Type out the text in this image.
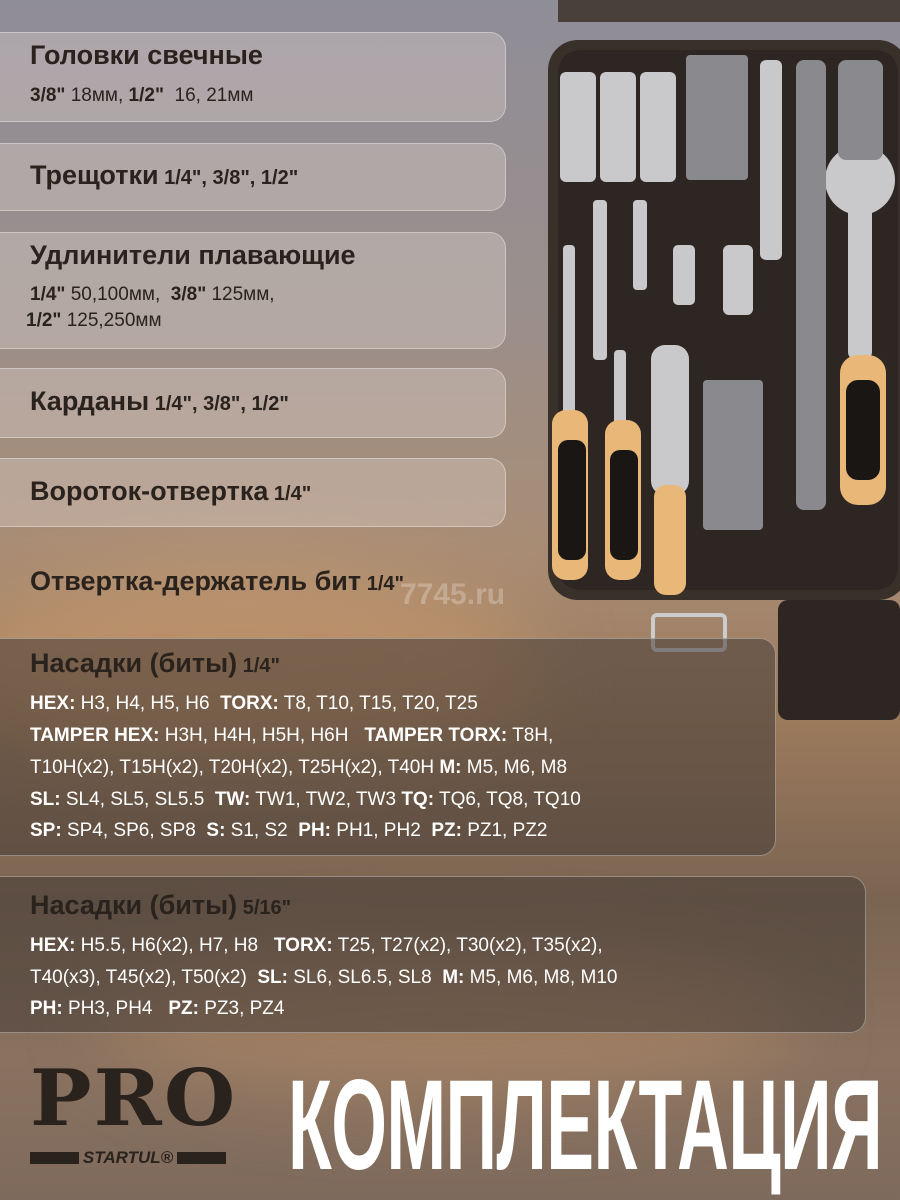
7745.ru
Головки свечные
3/8" 18мм, 1/2"  16, 21мм
Трещотки 1/4", 3/8", 1/2"
Удлинители плавающие
1/4" 50,100мм,  3/8" 125мм,
1/2" 125,250мм
Карданы 1/4", 3/8", 1/2"
Вороток-отвертка 1/4"
Отвертка-держатель бит 1/4"
Насадки (биты) 1/4"
HEX: H3, H4, H5, H6  TORX: T8, T10, T15, T20, T25
TAMPER HEX: H3H, H4H, H5H, H6H   TAMPER TORX: T8H,
T10H(x2), T15H(x2), T20H(x2), T25H(x2), T40H M: M5, M6, M8
SL: SL4, SL5, SL5.5  TW: TW1, TW2, TW3 TQ: TQ6, TQ8, TQ10
SP: SP4, SP6, SP8  S: S1, S2  PH: PH1, PH2  PZ: PZ1, PZ2
Насадки (биты) 5/16"
HEX: H5.5, H6(x2), H7, H8   TORX: T25, T27(x2), T30(x2), T35(x2),
T40(x3), T45(x2), T50(x2)  SL: SL6, SL6.5, SL8  M: M5, M6, M8, M10
PH: PH3, PH4   PZ: PZ3, PZ4
PRO
STARTUL® КОМПЛЕКТАЦИЯ
